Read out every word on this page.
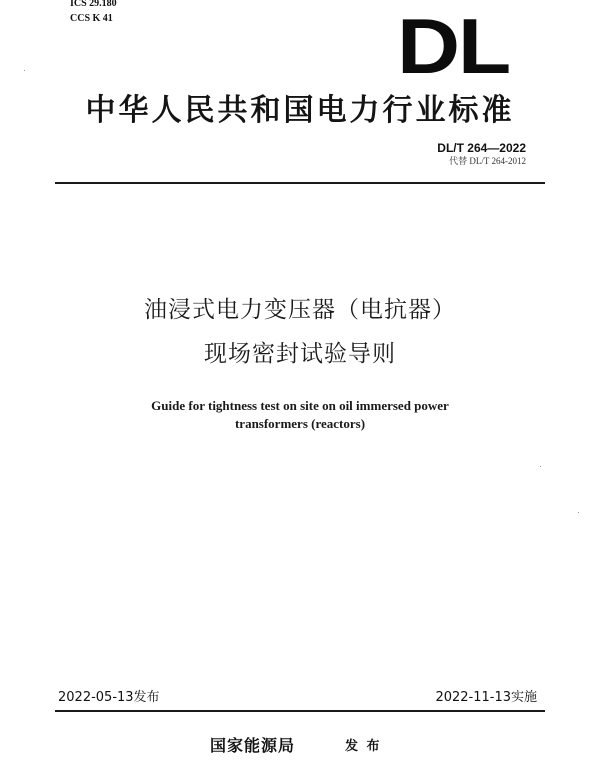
ICS 29.180
CCS K 41	DL
中华人民共和国电力行业标准
DL/T 264—2022
代替 DL/T 264-2012
油浸式电力变压器（电抗器）
现场密封试验导则
Guide for tightness test on site on oil immersed power
transformers (reactors)
2022-05-13发布	2022-11-13实施
国家能源局	发 布
